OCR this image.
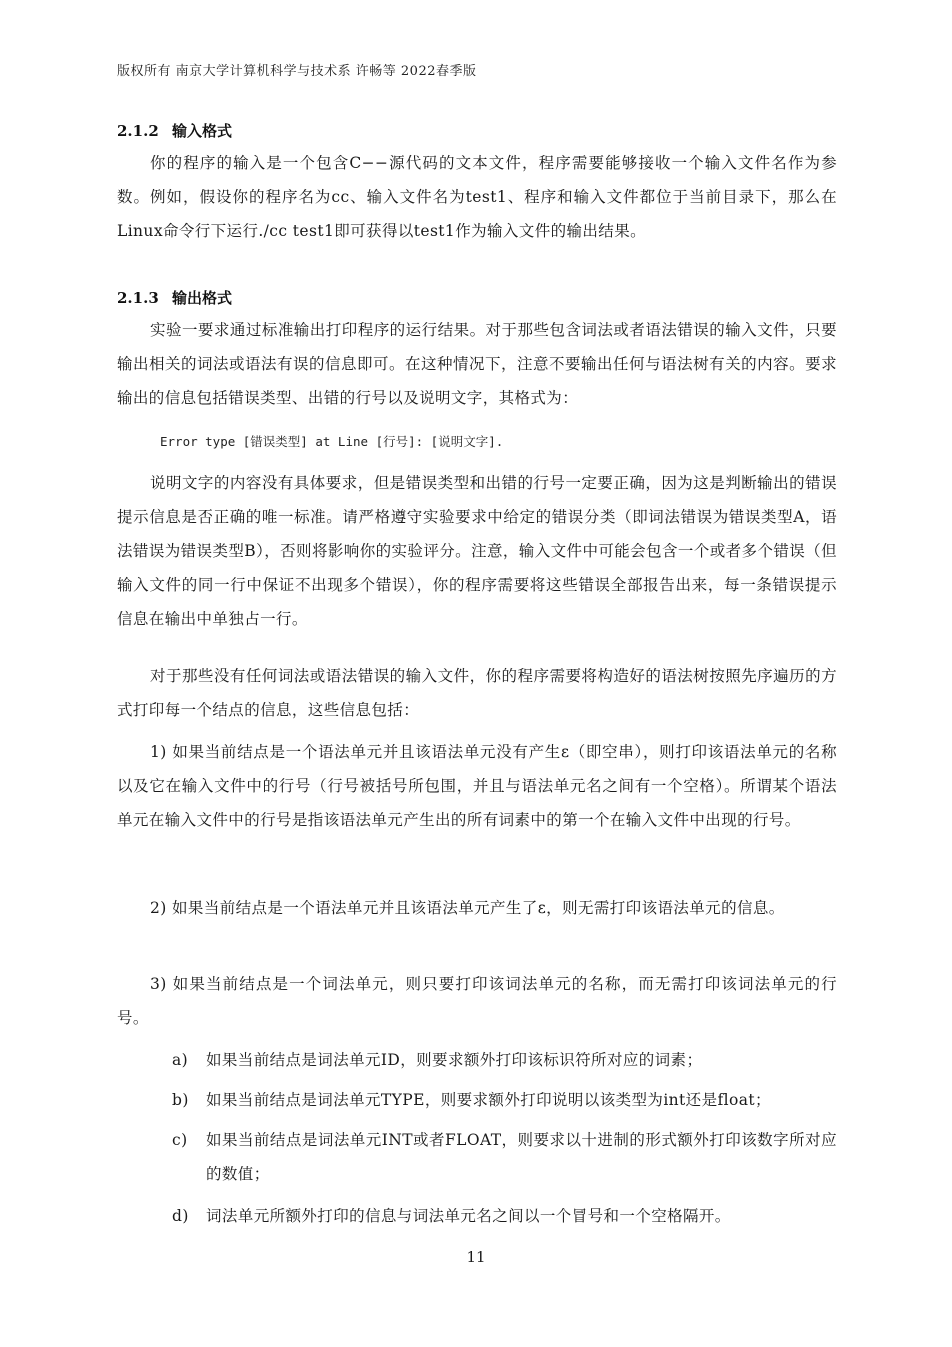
版权所有 南京大学计算机科学与技术系 许畅等 2022春季版
2.1.2 输入格式
你的程序的输入是一个包含C−−源代码的文本文件，程序需要能够接收一个输入文件名作为参数。例如，假设你的程序名为cc、输入文件名为test1、程序和输入文件都位于当前目录下，那么在Linux命令行下运行./cc test1即可获得以test1作为输入文件的输出结果。
2.1.3 输出格式
实验一要求通过标准输出打印程序的运行结果。对于那些包含词法或者语法错误的输入文件，只要输出相关的词法或语法有误的信息即可。在这种情况下，注意不要输出任何与语法树有关的内容。要求输出的信息包括错误类型、出错的行号以及说明文字，其格式为：
Error type [错误类型] at Line [行号]: [说明文字].
说明文字的内容没有具体要求，但是错误类型和出错的行号一定要正确，因为这是判断输出的错误提示信息是否正确的唯一标准。请严格遵守实验要求中给定的错误分类（即词法错误为错误类型A，语法错误为错误类型B），否则将影响你的实验评分。注意，输入文件中可能会包含一个或者多个错误（但输入文件的同一行中保证不出现多个错误），你的程序需要将这些错误全部报告出来，每一条错误提示信息在输出中单独占一行。
对于那些没有任何词法或语法错误的输入文件，你的程序需要将构造好的语法树按照先序遍历的方式打印每一个结点的信息，这些信息包括：
1) 如果当前结点是一个语法单元并且该语法单元没有产生ε（即空串），则打印该语法单元的名称以及它在输入文件中的行号（行号被括号所包围，并且与语法单元名之间有一个空格）。所谓某个语法单元在输入文件中的行号是指该语法单元产生出的所有词素中的第一个在输入文件中出现的行号。
2) 如果当前结点是一个语法单元并且该语法单元产生了ε，则无需打印该语法单元的信息。
3) 如果当前结点是一个词法单元，则只要打印该词法单元的名称，而无需打印该词法单元的行号。
a) 如果当前结点是词法单元ID，则要求额外打印该标识符所对应的词素；
b) 如果当前结点是词法单元TYPE，则要求额外打印说明以该类型为int还是float；
c) 如果当前结点是词法单元INT或者FLOAT，则要求以十进制的形式额外打印该数字所对应的数值；
d) 词法单元所额外打印的信息与词法单元名之间以一个冒号和一个空格隔开。
11
